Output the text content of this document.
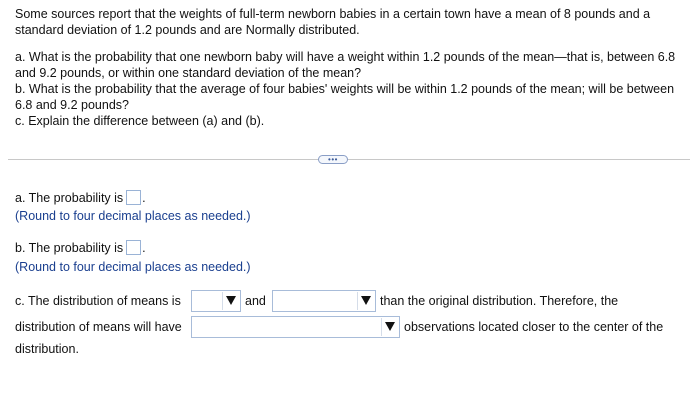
Some sources report that the weights of full-term newborn babies in a certain town have a mean of 8 pounds and a standard deviation of 1.2 pounds and are Normally distributed.

a. What is the probability that one newborn baby will have a weight within 1.2 pounds of the mean—that is, between 6.8 and 9.2 pounds, or within one standard deviation of the mean?

b. What is the probability that the average of four babies' weights will be within 1.2 pounds of the mean; will be between 6.8 and 9.2 pounds?

c. Explain the difference between (a) and (b).

•••
a. The probability is .
(Round to four decimal places as needed.)
b. The probability is .
(Round to four decimal places as needed.)
c. The distribution of means is	and	than the original distribution. Therefore, the
distribution of means will have	observations located closer to the center of the
distribution.
